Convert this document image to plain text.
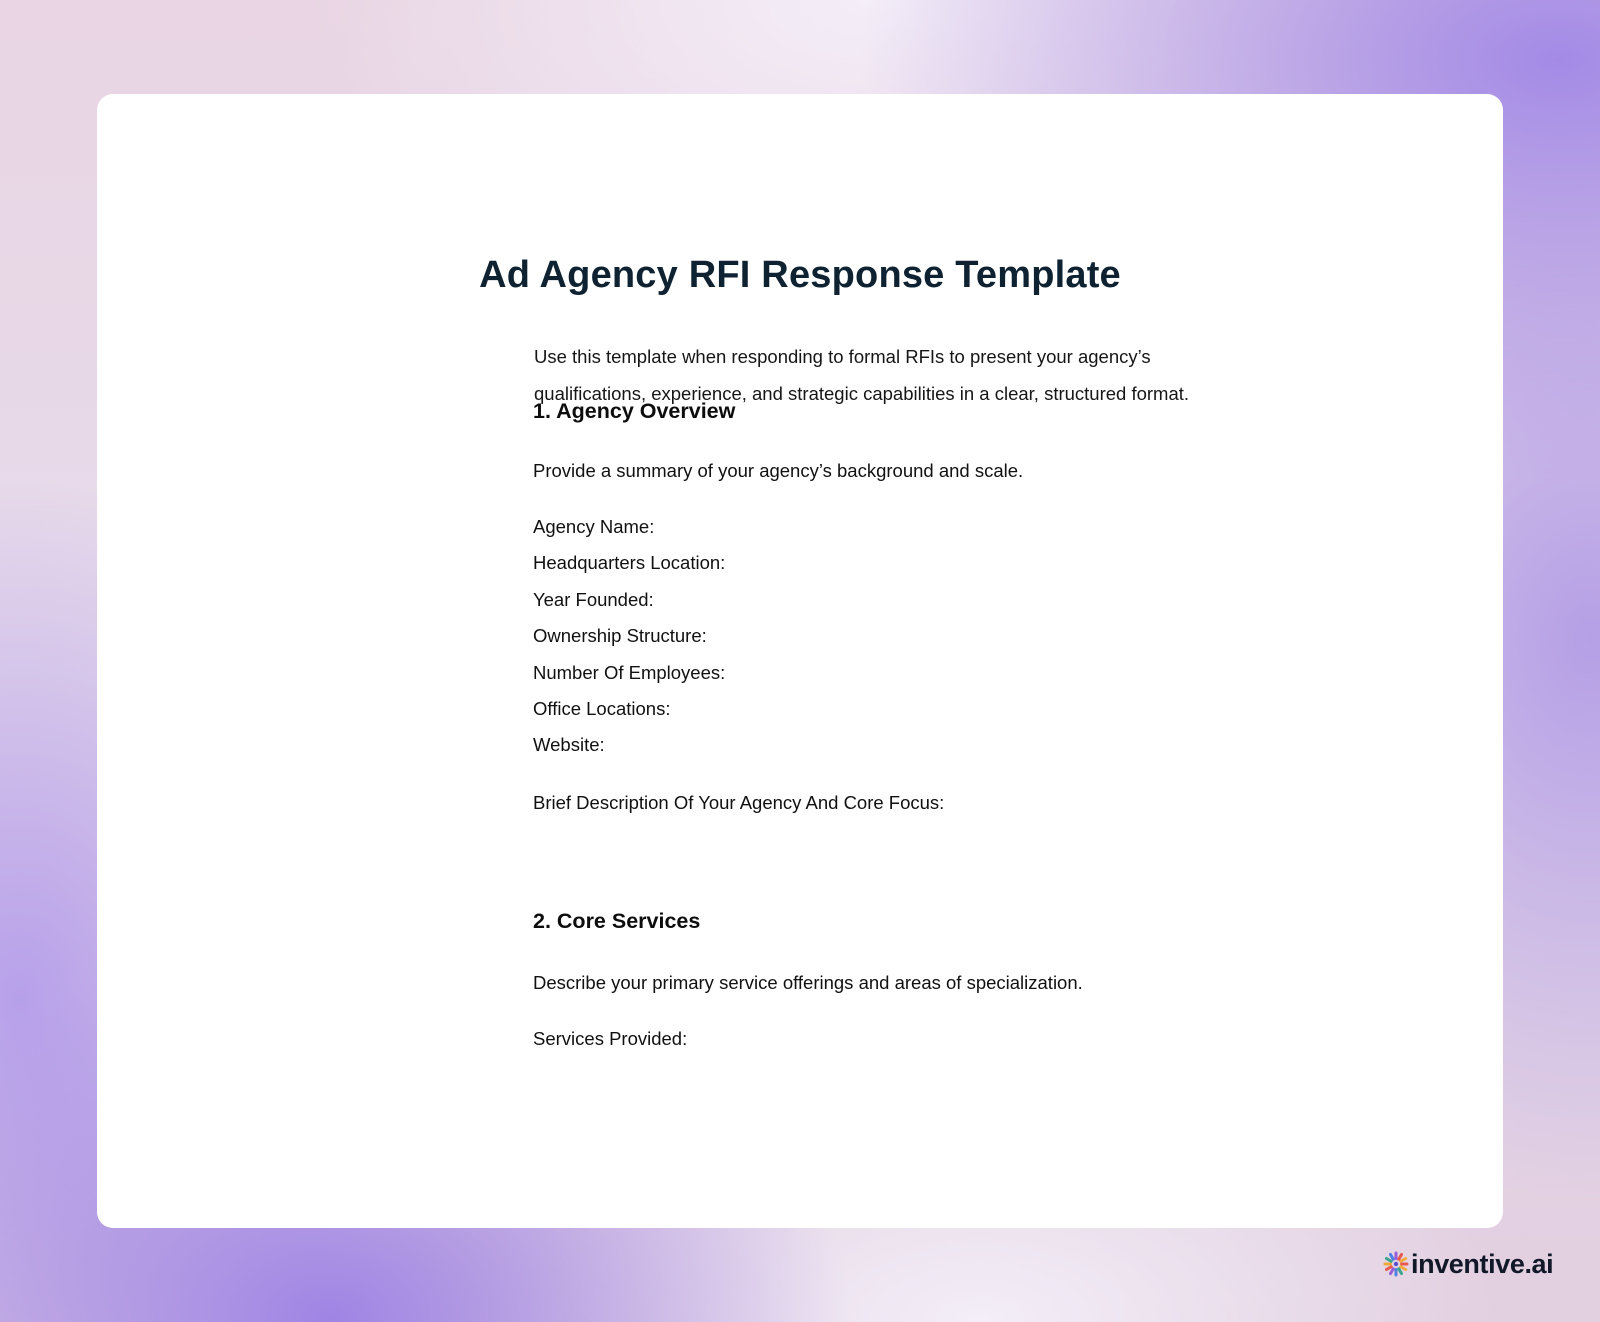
Ad Agency RFI Response Template

Use this template when responding to formal RFIs to present your agency’s
qualifications, experience, and strategic capabilities in a clear, structured format.

1. Agency Overview
Provide a summary of your agency’s background and scale.
Agency Name:
Headquarters Location:
Year Founded:
Ownership Structure:
Number Of Employees:
Office Locations:
Website:
Brief Description Of Your Agency And Core Focus:
2. Core Services
Describe your primary service offerings and areas of specialization.
Services Provided:
inventive.ai
